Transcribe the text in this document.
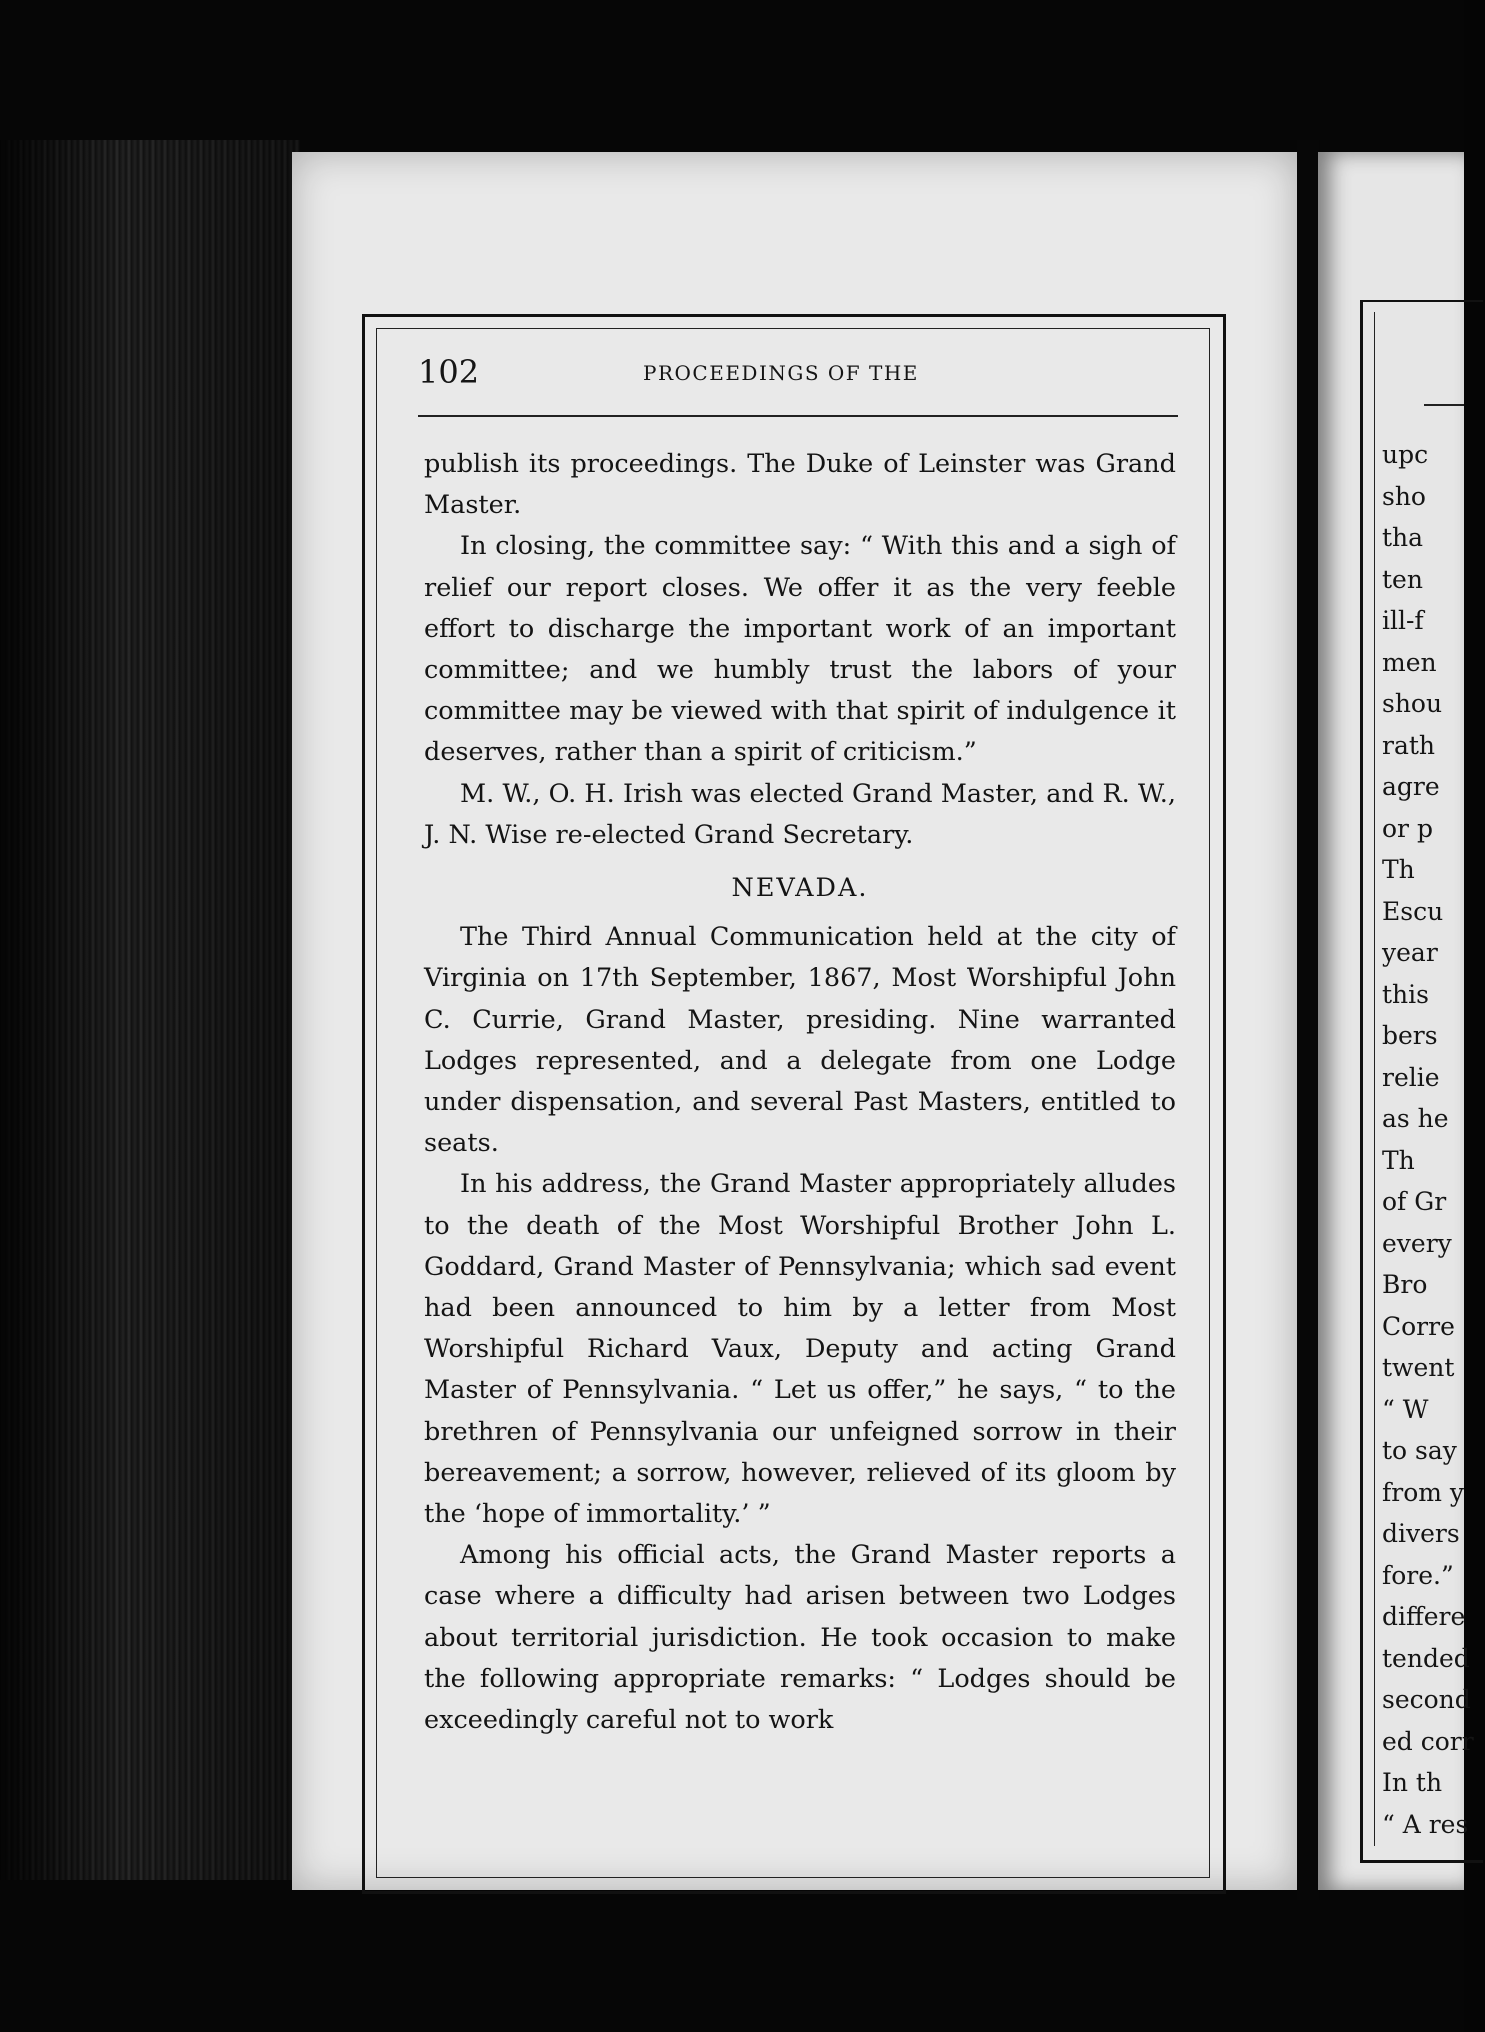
102	PROCEEDINGS OF THE

publish its proceedings. The Duke of Leinster was Grand Master.

In closing, the committee say: “ With this and a sigh of relief our report closes. We offer it as the very feeble effort to discharge the important work of an important committee; and we humbly trust the labors of your committee may be viewed with that spirit of indulgence it deserves, rather than a spirit of criticism.”

M. W., O. H. Irish was elected Grand Master, and R. W., J. N. Wise re-elected Grand Secretary.

NEVADA.

The Third Annual Communication held at the city of Virginia on 17th September, 1867, Most Worshipful John C. Currie, Grand Master, presiding. Nine warranted Lodges represented, and a delegate from one Lodge under dispensation, and several Past Masters, entitled to seats.

In his address, the Grand Master appropriately alludes to the death of the Most Worshipful Brother John L. Goddard, Grand Master of Pennsylvania; which sad event had been announced to him by a letter from Most Worshipful Richard Vaux, Deputy and acting Grand Master of Pennsylvania. “ Let us offer,” he says, “ to the brethren of Pennsylvania our unfeigned sorrow in their bereavement; a sorrow, however, relieved of its gloom by the ‘hope of immortality.’ ”

Among his official acts, the Grand Master reports a case where a difficulty had arisen between two Lodges about territorial jurisdiction. He took occasion to make the following appropriate remarks: “ Lodges should be exceedingly careful not to work

upc
sho
tha
ten
ill-f
men
shou
rath
agre
or p
Th
Escu
year
this
bers
relie
as he
Th
of Gr
every
Bro
Corre
twent
“ W
to say
from y
divers
fore.”
differe
tended
second
ed corr
In th
“ A res
